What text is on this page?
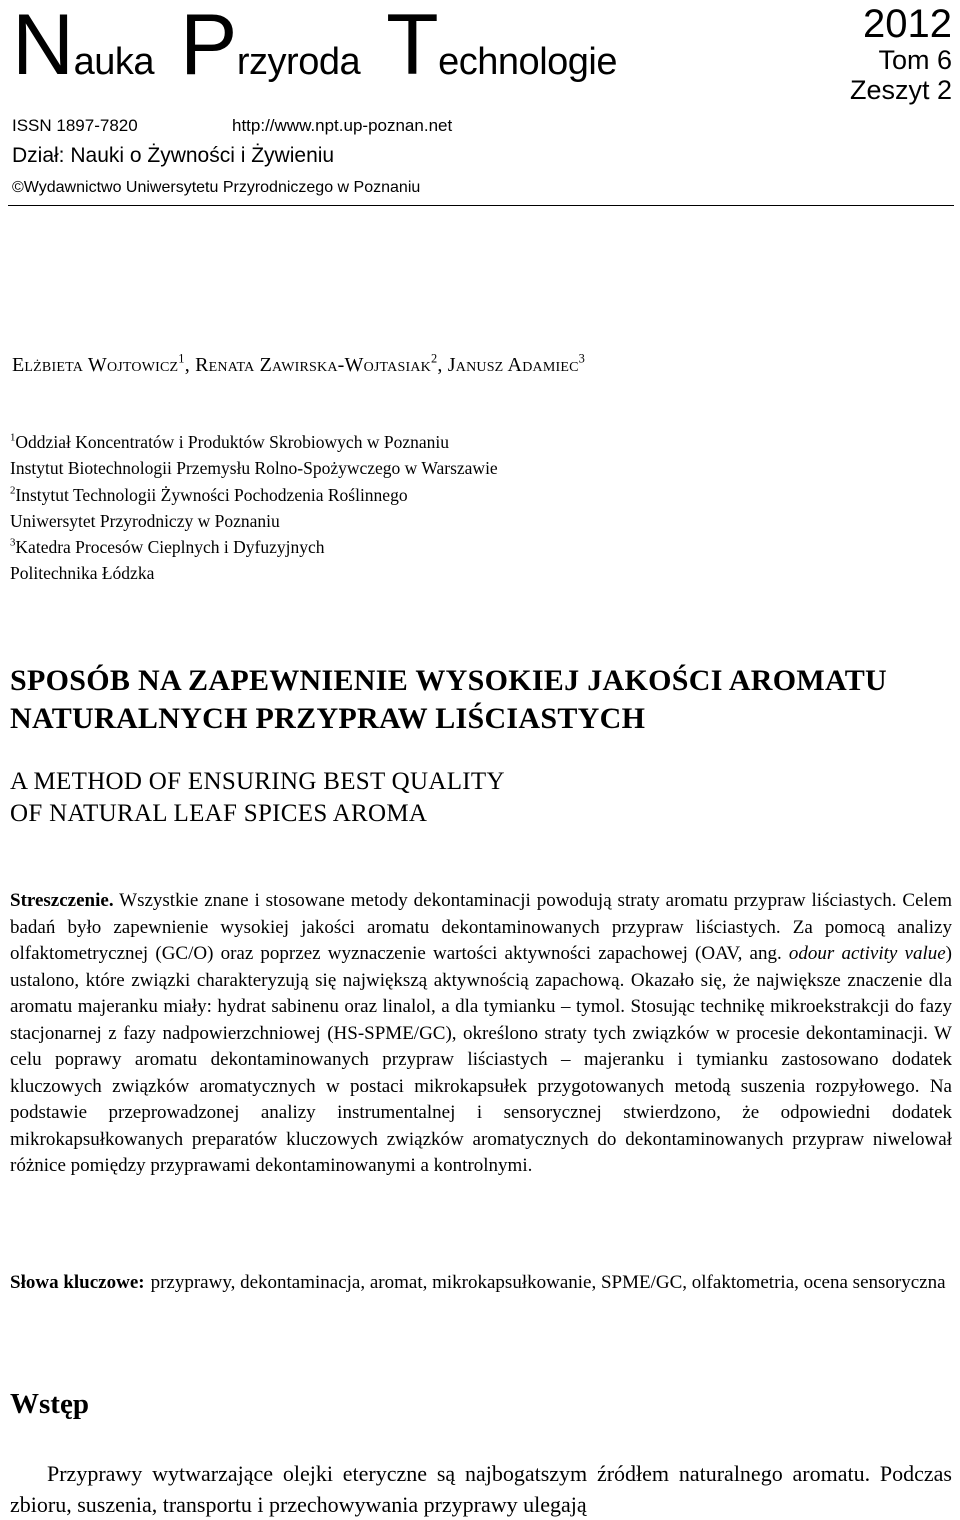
Nauka Przyroda Technologie
2012
Tom 6
Zeszyt 2
ISSN 1897-7820	http://www.npt.up-poznan.net
Dział: Nauki o Żywności i Żywieniu
©Wydawnictwo Uniwersytetu Przyrodniczego w Poznaniu
Elżbieta Wojtowicz$^1$, Renata Zawirska-Wojtasiak$^2$, Janusz Adamiec$^3$
$^1$Oddział Koncentratów i Produktów Skrobiowych w Poznaniu
Instytut Biotechnologii Przemysłu Rolno-Spożywczego w Warszawie
$^2$Instytut Technologii Żywności Pochodzenia Roślinnego
Uniwersytet Przyrodniczy w Poznaniu
$^3$Katedra Procesów Cieplnych i Dyfuzyjnych
Politechnika Łódzka
SPOSÓB NA ZAPEWNIENIE WYSOKIEJ JAKOŚCI AROMATU
NATURALNYCH PRZYPRAW LIŚCIASTYCH
A METHOD OF ENSURING BEST QUALITY
OF NATURAL LEAF SPICES AROMA

Streszczenie. Wszystkie znane i stosowane metody dekontaminacji powodują straty aromatu przypraw liściastych. Celem badań było zapewnienie wysokiej jakości aromatu dekontaminowanych przypraw liściastych. Za pomocą analizy olfaktometrycznej (GC/O) oraz poprzez wyznaczenie wartości aktywności zapachowej (OAV, ang. odour activity value) ustalono, które związki charakteryzują się największą aktywnością zapachową. Okazało się, że największe znaczenie dla aromatu majeranku miały: hydrat sabinenu oraz linalol, a dla tymianku – tymol. Stosując technikę mikroekstrakcji do fazy stacjonarnej z fazy nadpowierzchniowej (HS-SPME/GC), określono straty tych związków w procesie dekontaminacji. W celu poprawy aromatu dekontaminowanych przypraw liściastych – majeranku i tymianku zastosowano dodatek kluczowych związków aromatycznych w postaci mikrokapsułek przygotowanych metodą suszenia rozpyłowego. Na podstawie przeprowadzonej analizy instrumentalnej i sensorycznej stwierdzono, że odpowiedni dodatek mikrokapsułkowanych preparatów kluczowych związków aromatycznych do dekontaminowanych przypraw niwelował różnice pomiędzy przyprawami dekontaminowanymi a kontrolnymi.

Słowa kluczowe: przyprawy, dekontaminacja, aromat, mikrokapsułkowanie, SPME/GC, olfaktometria, ocena sensoryczna
Wstęp

Przyprawy wytwarzające olejki eteryczne są najbogatszym źródłem naturalnego aromatu. Podczas zbioru, suszenia, transportu i przechowywania przyprawy ulegają
